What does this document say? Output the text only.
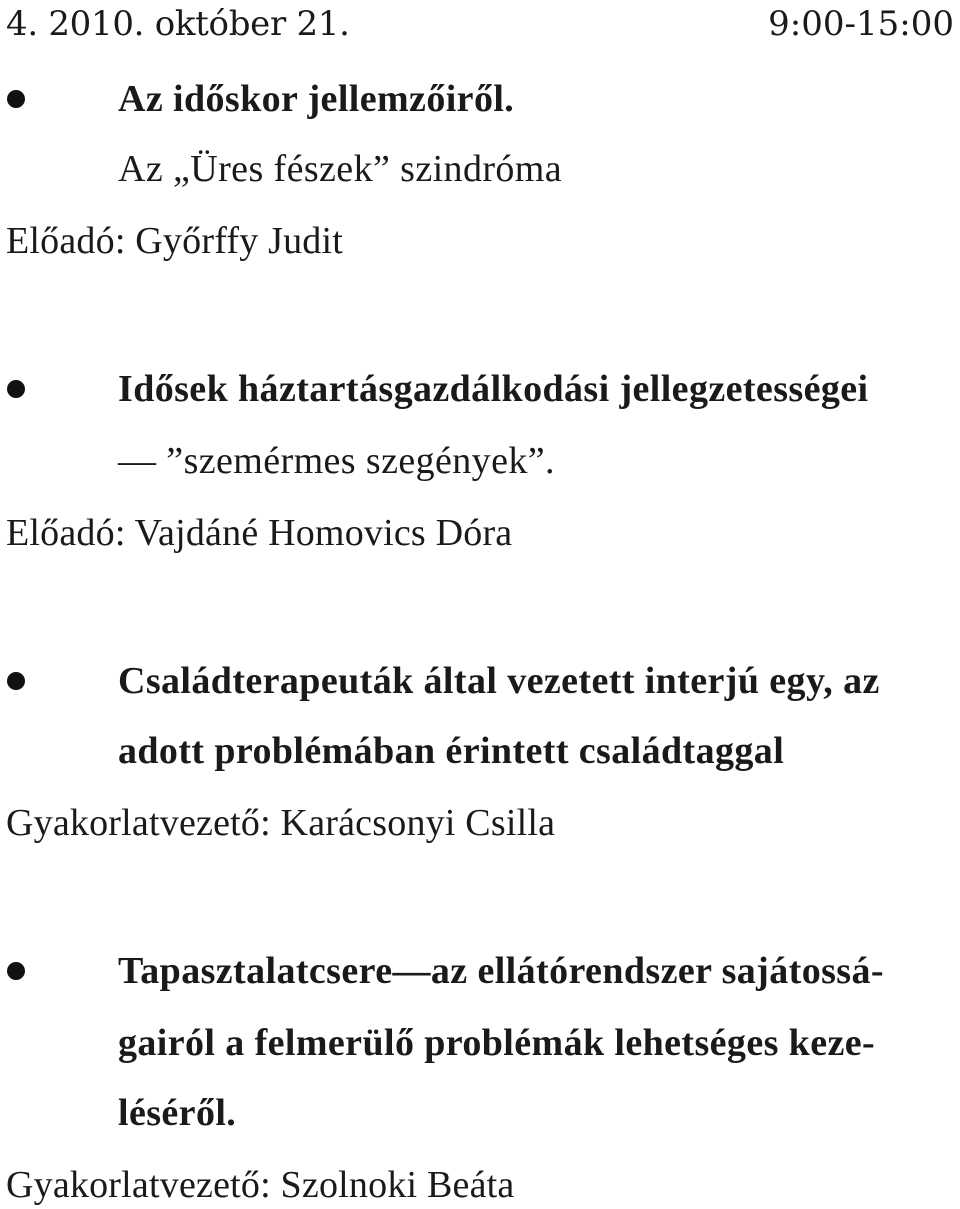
4. 2010. október 21.	9:00-15:00
Az időskor jellemzőiről.
Az „Üres fészek” szindróma
Előadó: Győrffy Judit
Idősek háztartásgazdálkodási jellegzetességei
— ”szemérmes szegények”.
Előadó: Vajdáné Homovics Dóra
Családterapeuták által vezetett interjú egy, az
adott problémában érintett családtaggal
Gyakorlatvezető: Karácsonyi Csilla
Tapasztalatcsere—az ellátórendszer sajátossá-
gairól a felmerülő problémák lehetséges keze-
léséről.
Gyakorlatvezető: Szolnoki Beáta
